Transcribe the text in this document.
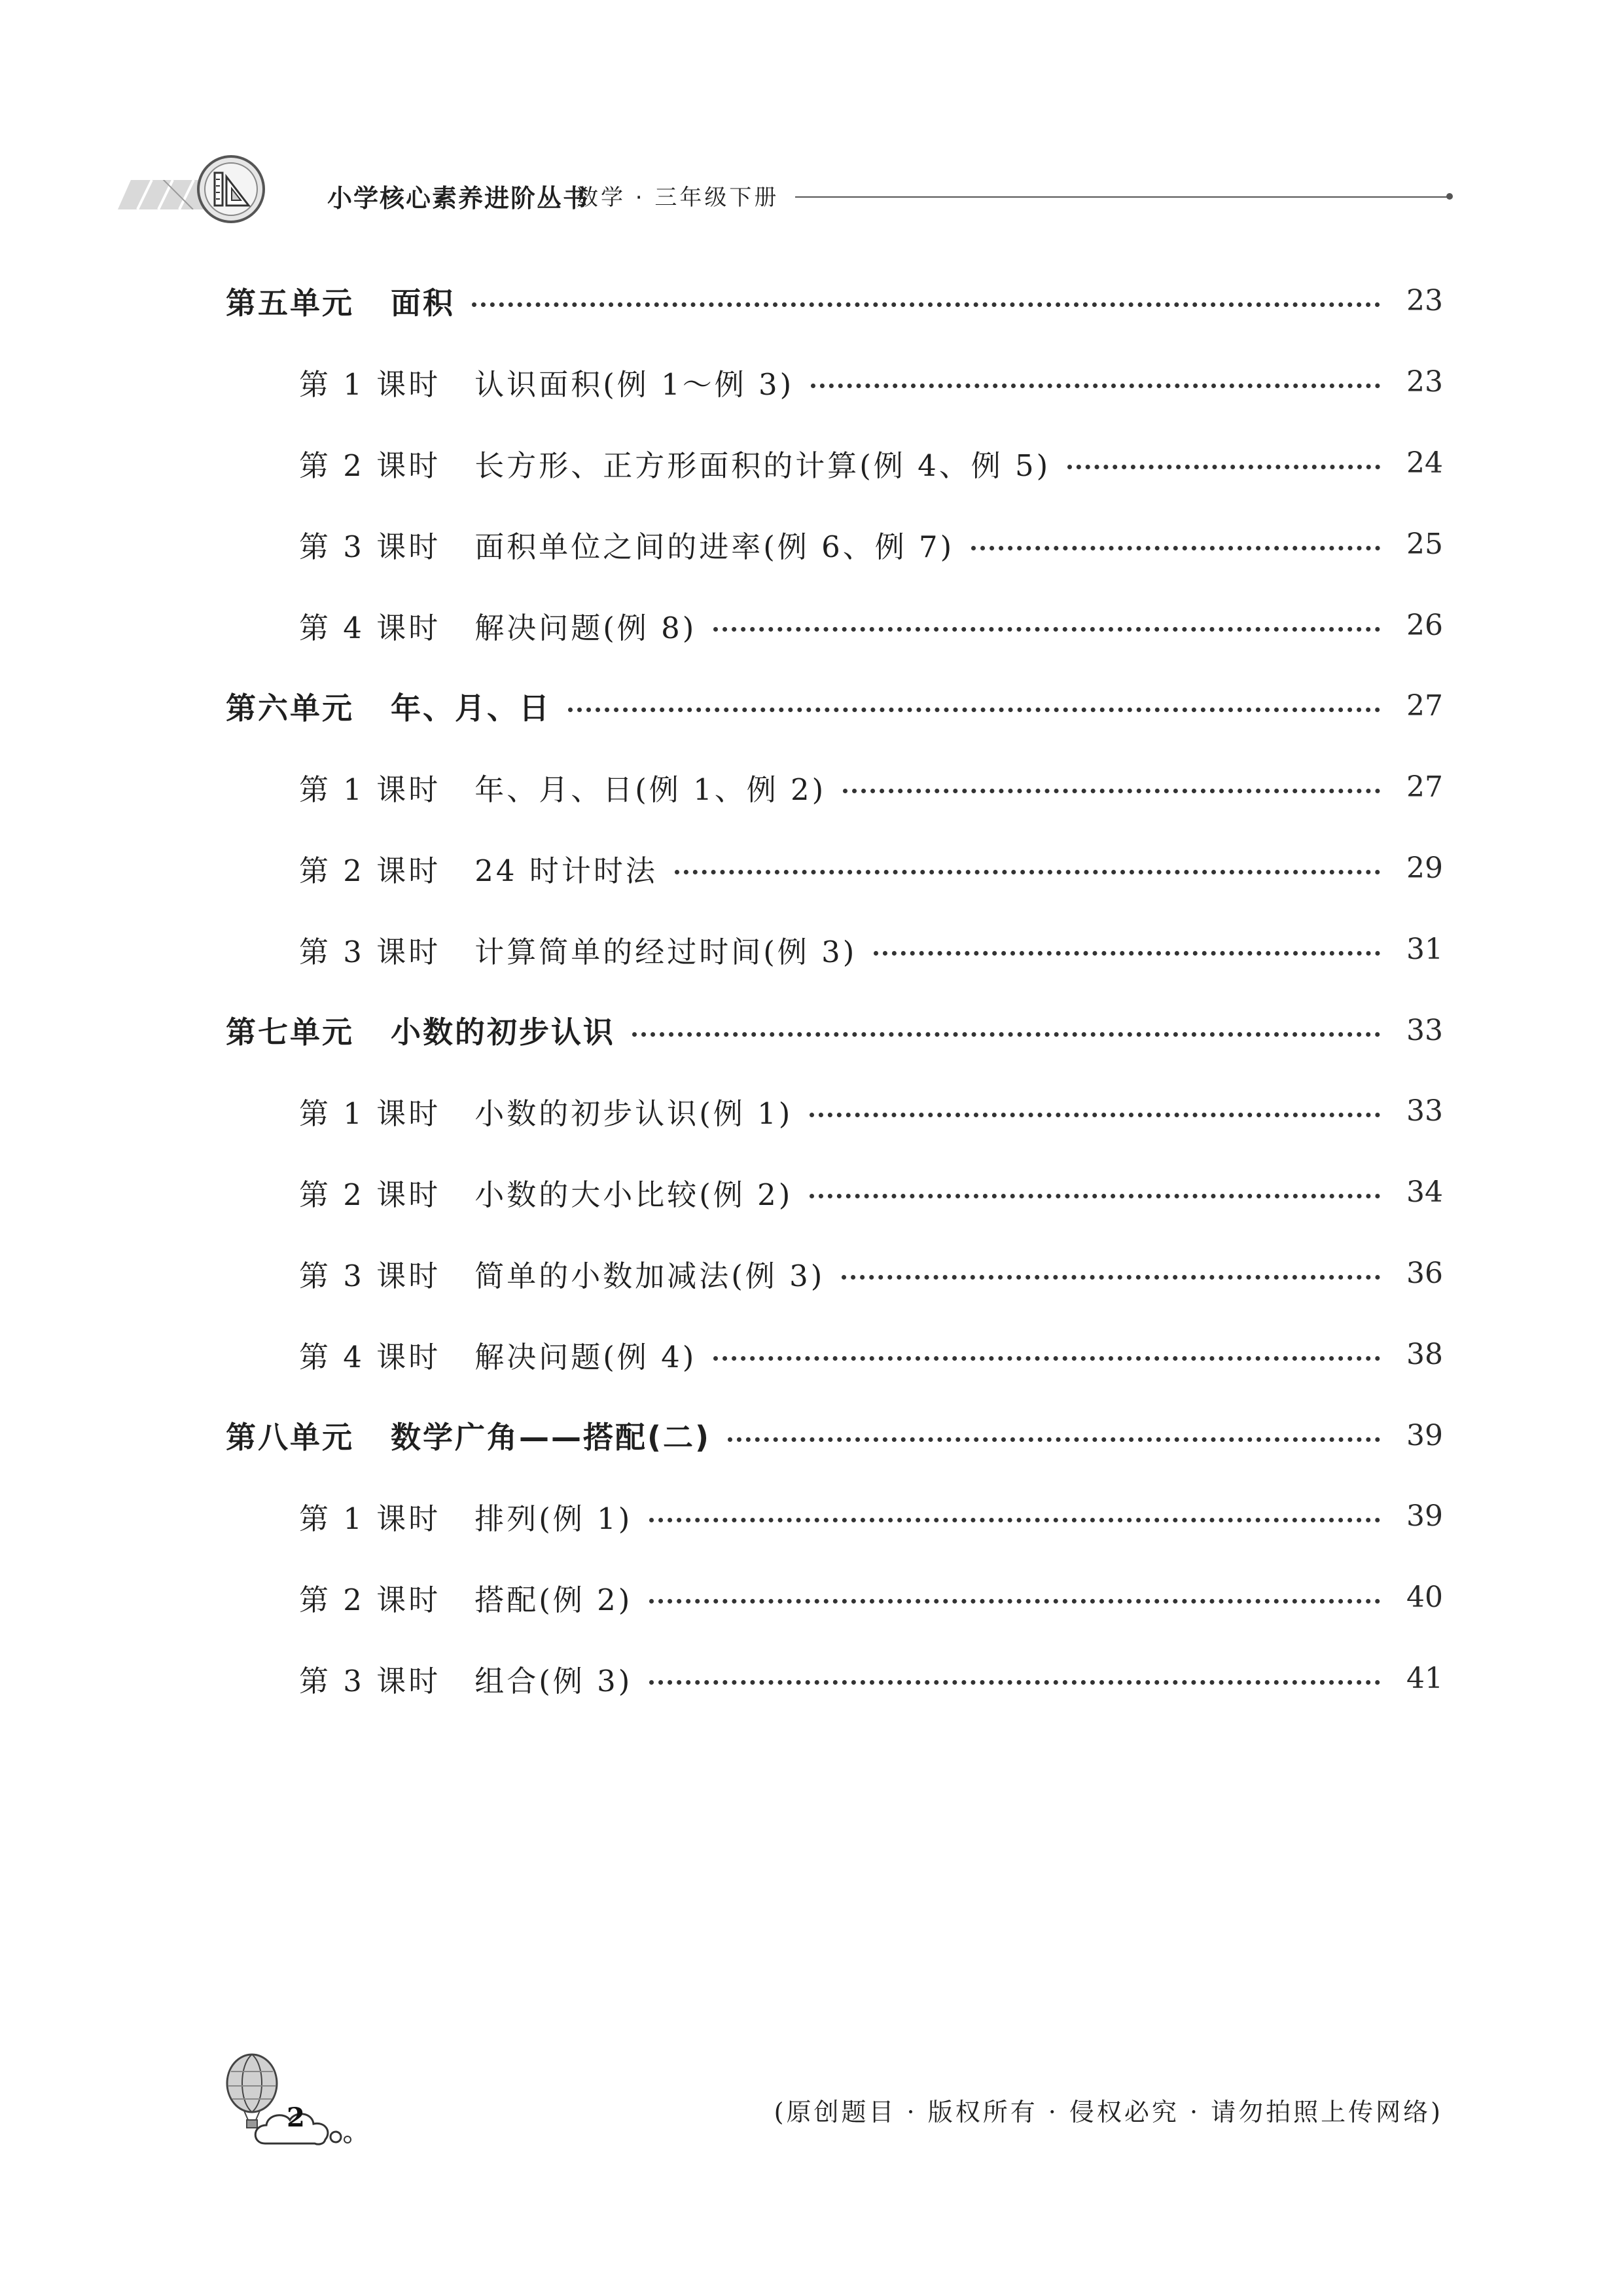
小学核心素养进阶丛书
数学 · 三年级下册
第五单元 面积	23
第 1 课时 认识面积(例 1～例 3)	23
第 2 课时 长方形、正方形面积的计算(例 4、例 5)	24
第 3 课时 面积单位之间的进率(例 6、例 7)	25
第 4 课时 解决问题(例 8)	26
第六单元 年、月、日	27
第 1 课时 年、月、日(例 1、例 2)	27
第 2 课时 24 时计时法	29
第 3 课时 计算简单的经过时间(例 3)	31
第七单元 小数的初步认识	33
第 1 课时 小数的初步认识(例 1)	33
第 2 课时 小数的大小比较(例 2)	34
第 3 课时 简单的小数加减法(例 3)	36
第 4 课时 解决问题(例 4)	38
第八单元 数学广角——搭配(二)	39
第 1 课时 排列(例 1)	39
第 2 课时 搭配(例 2)	40
第 3 课时 组合(例 3)	41
2	(原创题目 · 版权所有 · 侵权必究 · 请勿拍照上传网络)
